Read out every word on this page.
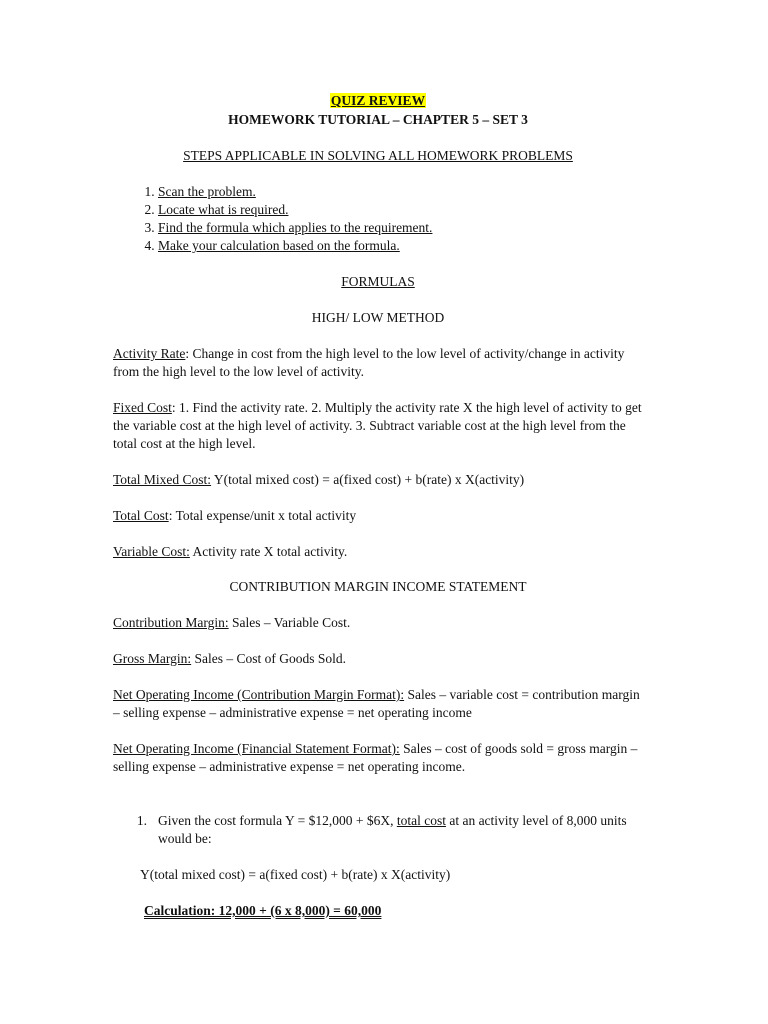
QUIZ REVIEW
HOMEWORK TUTORIAL – CHAPTER 5 – SET 3
STEPS APPLICABLE IN SOLVING ALL HOMEWORK PROBLEMS
1. Scan the problem.
2. Locate what is required.
3. Find the formula which applies to the requirement.
4. Make your calculation based on the formula.
FORMULAS
HIGH/ LOW METHOD

Activity Rate: Change in cost from the high level to the low level of activity/change in activity from the high level to the low level of activity.

Fixed Cost: 1. Find the activity rate. 2. Multiply the activity rate X the high level of activity to get the variable cost at the high level of activity. 3. Subtract variable cost at the high level from the total cost at the high level.

Total Mixed Cost: Y(total mixed cost) = a(fixed cost) + b(rate) x X(activity)

Total Cost: Total expense/unit x total activity

Variable Cost: Activity rate X total activity.

CONTRIBUTION MARGIN INCOME STATEMENT

Contribution Margin: Sales – Variable Cost.

Gross Margin: Sales – Cost of Goods Sold.

Net Operating Income (Contribution Margin Format): Sales – variable cost = contribution margin – selling expense – administrative expense = net operating income

Net Operating Income (Financial Statement Format): Sales – cost of goods sold = gross margin – selling expense – administrative expense = net operating income.

1. Given the cost formula Y = $12,000 + $6X, total cost at an activity level of 8,000 units would be:
Y(total mixed cost) = a(fixed cost) + b(rate) x X(activity)
Calculation: 12,000 + (6 x 8,000) = 60,000
